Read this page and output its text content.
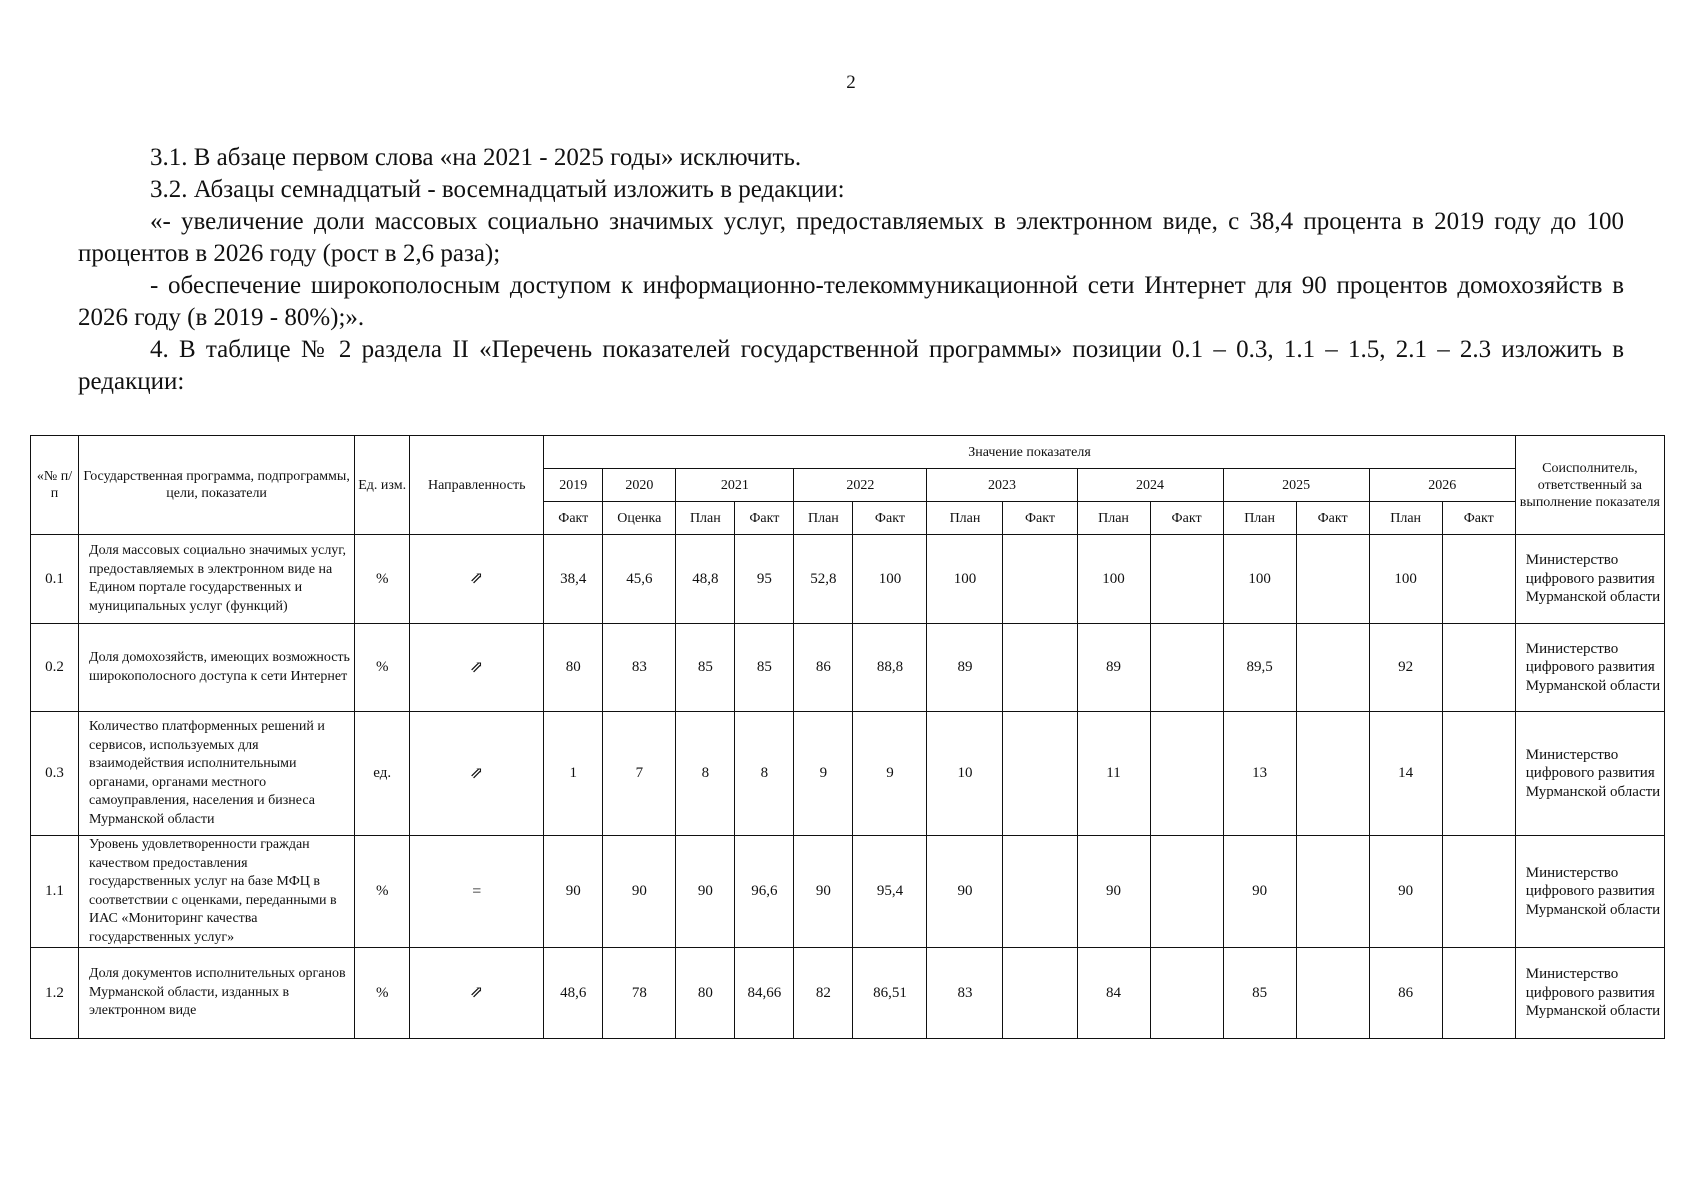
2

3.1. В абзаце первом слова «на 2021 - 2025 годы» исключить.

3.2. Абзацы семнадцатый - восемнадцатый изложить в редакции:

«- увеличение доли массовых социально значимых услуг, предоставляемых в электронном виде, с 38,4 процента в 2019 году до 100 процентов в 2026 году (рост в 2,6 раза);

- обеспечение широкополосным доступом к информационно-телекоммуникационной сети Интернет для 90 процентов домохозяйств в 2026 году (в 2019 - 80%);».

4. В таблице № 2 раздела II «Перечень показателей государственной программы» позиции 0.1 – 0.3, 1.1 – 1.5, 2.1 – 2.3 изложить в редакции:

«№ п/п	Государственная программа, подпрограммы, цели, показатели	Ед. изм.	Направленность	Значение показателя														Соисполнитель, ответственный за выполнение показателя
				2019	2020	2021		2022		2023		2024		2025		2026		
				Факт	Оценка	План	Факт	План	Факт	План	Факт	План	Факт	План	Факт	План	Факт	
0.1	Доля массовых социально значимых услуг, предоставляемых в электронном виде на Едином портале государственных и муниципальных услуг (функций)	%	⇗	38,4	45,6	48,8	95	52,8	100	100		100		100		100		Министерство цифрового развития Мурманской области
0.2	Доля домохозяйств, имеющих возможность широкополосного доступа к сети Интернет	%	⇗	80	83	85	85	86	88,8	89		89		89,5		92		Министерство цифрового развития Мурманской области
0.3	Количество платформенных решений и сервисов, используемых для взаимодействия исполнительными органами, органами местного самоуправления, населения и бизнеса Мурманской области	ед.	⇗	1	7	8	8	9	9	10		11		13		14		Министерство цифрового развития Мурманской области
1.1	Уровень удовлетворенности граждан качеством предоставления государственных услуг на базе МФЦ в соответствии с оценками, переданными в ИАС «Мониторинг качества государственных услуг»	%	=	90	90	90	96,6	90	95,4	90		90		90		90		Министерство цифрового развития Мурманской области
1.2	Доля документов исполнительных органов Мурманской области, изданных в электронном виде	%	⇗	48,6	78	80	84,66	82	86,51	83		84		85		86		Министерство цифрового развития Мурманской области
